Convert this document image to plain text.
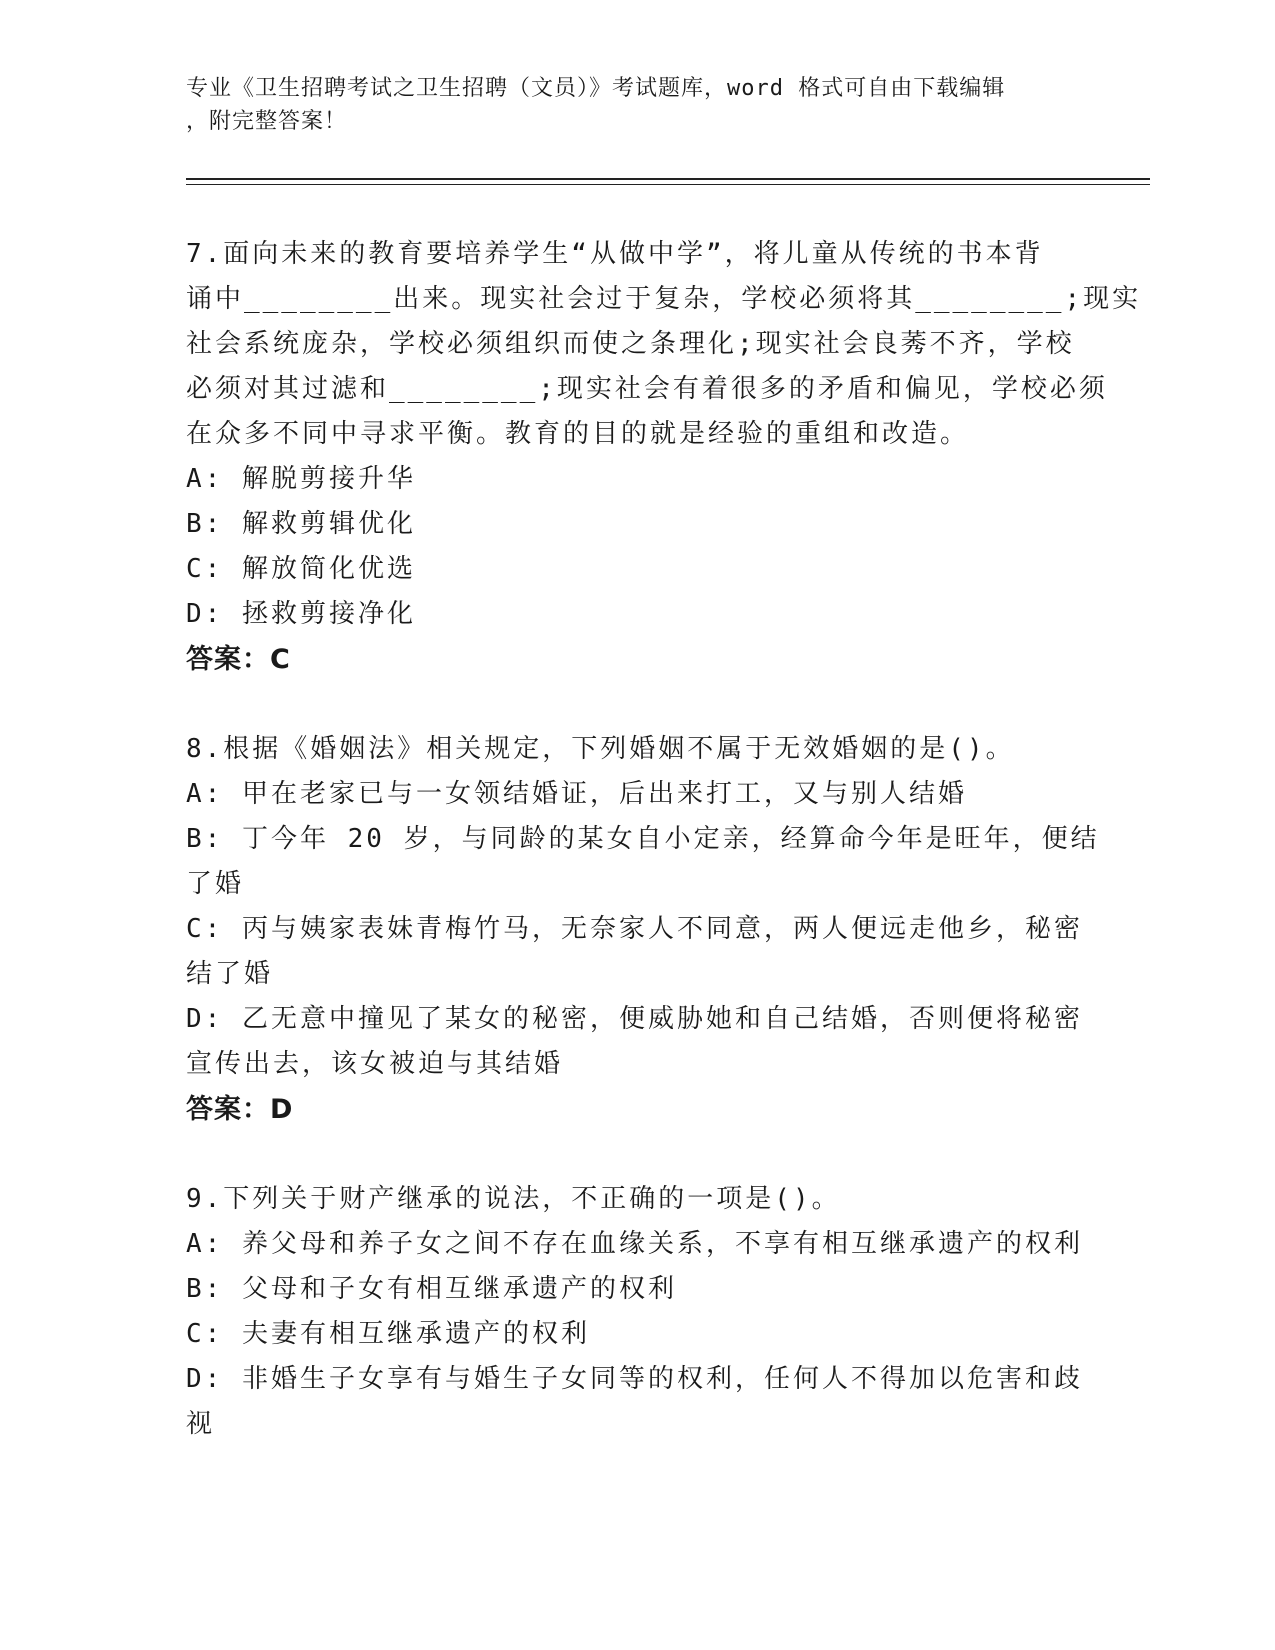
专业《卫生招聘考试之卫生招聘（文员）》考试题库，word 格式可自由下载编辑
，附完整答案！
7.面向未来的教育要培养学生“从做中学”，将儿童从传统的书本背
诵中________出来。现实社会过于复杂，学校必须将其________;现实
社会系统庞杂，学校必须组织而使之条理化;现实社会良莠不齐，学校
必须对其过滤和________;现实社会有着很多的矛盾和偏见，学校必须
在众多不同中寻求平衡。教育的目的就是经验的重组和改造。
A: 解脱剪接升华
B: 解救剪辑优化
C: 解放简化优选
D: 拯救剪接净化
答案：C
8.根据《婚姻法》相关规定，下列婚姻不属于无效婚姻的是()。
A: 甲在老家已与一女领结婚证，后出来打工，又与别人结婚
B: 丁今年 20 岁，与同龄的某女自小定亲，经算命今年是旺年，便结
了婚
C: 丙与姨家表妹青梅竹马，无奈家人不同意，两人便远走他乡，秘密
结了婚
D: 乙无意中撞见了某女的秘密，便威胁她和自己结婚，否则便将秘密
宣传出去，该女被迫与其结婚
答案：D
9.下列关于财产继承的说法，不正确的一项是()。
A: 养父母和养子女之间不存在血缘关系，不享有相互继承遗产的权利
B: 父母和子女有相互继承遗产的权利
C: 夫妻有相互继承遗产的权利
D: 非婚生子女享有与婚生子女同等的权利，任何人不得加以危害和歧
视
